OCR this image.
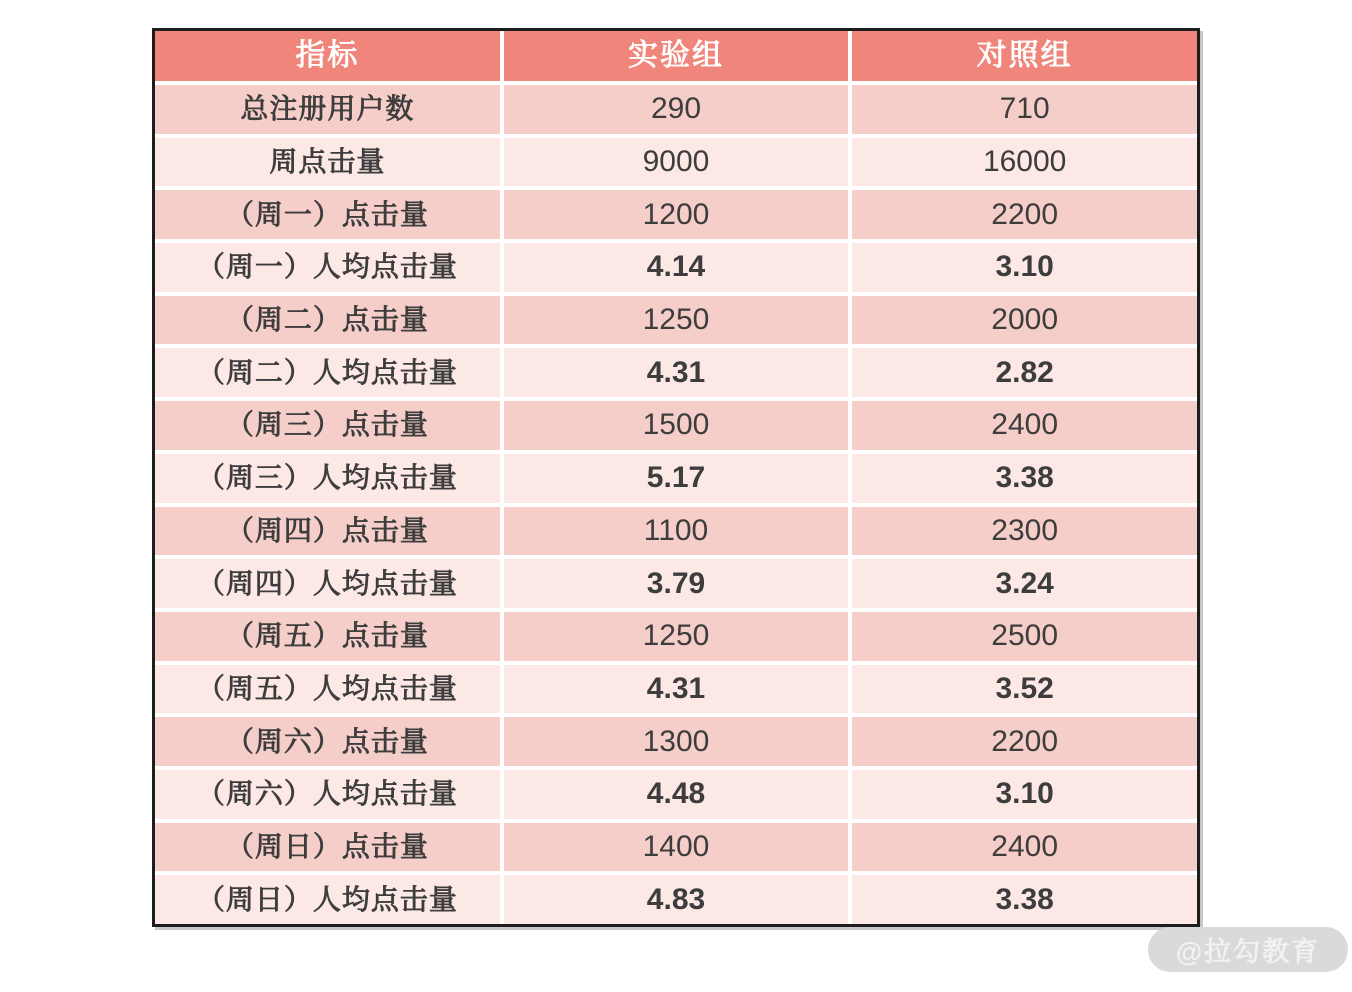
指标	实验组	对照组
总注册用户数	290	710
周点击量	9000	16000
（周一）点击量	1200	2200
（周一）人均点击量	4.14	3.10
（周二）点击量	1250	2000
（周二）人均点击量	4.31	2.82
（周三）点击量	1500	2400
（周三）人均点击量	5.17	3.38
（周四）点击量	1100	2300
（周四）人均点击量	3.79	3.24
（周五）点击量	1250	2500
（周五）人均点击量	4.31	3.52
（周六）点击量	1300	2200
（周六）人均点击量	4.48	3.10
（周日）点击量	1400	2400
（周日）人均点击量	4.83	3.38
@拉勾教育
